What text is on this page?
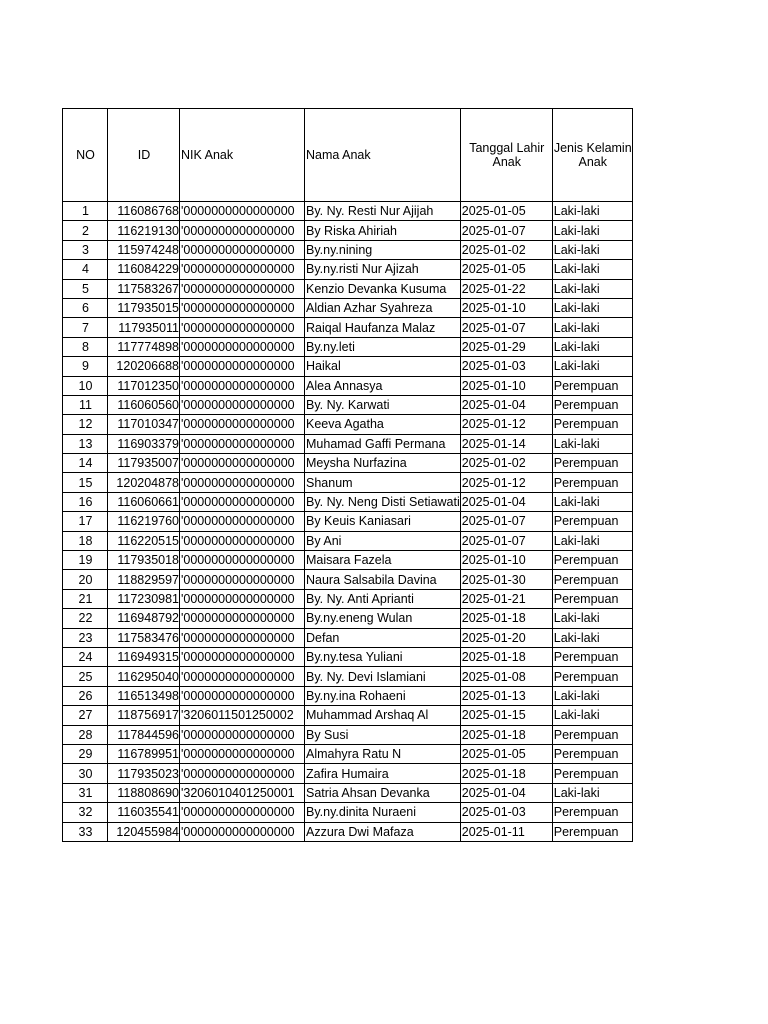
NO	ID	NIK Anak	Nama Anak	Tanggal Lahir Anak	Jenis Kelamin Anak
1	116086768	'0000000000000000	By. Ny. Resti Nur Ajijah	2025-01-05	Laki-laki
2	116219130	'0000000000000000	By Riska Ahiriah	2025-01-07	Laki-laki
3	115974248	'0000000000000000	By.ny.nining	2025-01-02	Laki-laki
4	116084229	'0000000000000000	By.ny.risti Nur Ajizah	2025-01-05	Laki-laki
5	117583267	'0000000000000000	Kenzio Devanka Kusuma	2025-01-22	Laki-laki
6	117935015	'0000000000000000	Aldian Azhar Syahreza	2025-01-10	Laki-laki
7	117935011	'0000000000000000	Raiqal Haufanza Malaz	2025-01-07	Laki-laki
8	117774898	'0000000000000000	By.ny.leti	2025-01-29	Laki-laki
9	120206688	'0000000000000000	Haikal	2025-01-03	Laki-laki
10	117012350	'0000000000000000	Alea Annasya	2025-01-10	Perempuan
11	116060560	'0000000000000000	By. Ny. Karwati	2025-01-04	Perempuan
12	117010347	'0000000000000000	Keeva Agatha	2025-01-12	Perempuan
13	116903379	'0000000000000000	Muhamad Gaffi Permana	2025-01-14	Laki-laki
14	117935007	'0000000000000000	Meysha Nurfazina	2025-01-02	Perempuan
15	120204878	'0000000000000000	Shanum	2025-01-12	Perempuan
16	116060661	'0000000000000000	By. Ny. Neng Disti Setiawati	2025-01-04	Laki-laki
17	116219760	'0000000000000000	By Keuis Kaniasari	2025-01-07	Perempuan
18	116220515	'0000000000000000	By Ani	2025-01-07	Laki-laki
19	117935018	'0000000000000000	Maisara Fazela	2025-01-10	Perempuan
20	118829597	'0000000000000000	Naura Salsabila Davina	2025-01-30	Perempuan
21	117230981	'0000000000000000	By. Ny. Anti Aprianti	2025-01-21	Perempuan
22	116948792	'0000000000000000	By.ny.eneng Wulan	2025-01-18	Laki-laki
23	117583476	'0000000000000000	Defan	2025-01-20	Laki-laki
24	116949315	'0000000000000000	By.ny.tesa Yuliani	2025-01-18	Perempuan
25	116295040	'0000000000000000	By. Ny. Devi Islamiani	2025-01-08	Perempuan
26	116513498	'0000000000000000	By.ny.ina Rohaeni	2025-01-13	Laki-laki
27	118756917	'3206011501250002	Muhammad Arshaq Al	2025-01-15	Laki-laki
28	117844596	'0000000000000000	By Susi	2025-01-18	Perempuan
29	116789951	'0000000000000000	Almahyra Ratu N	2025-01-05	Perempuan
30	117935023	'0000000000000000	Zafira Humaira	2025-01-18	Perempuan
31	118808690	'3206010401250001	Satria Ahsan Devanka	2025-01-04	Laki-laki
32	116035541	'0000000000000000	By.ny.dinita Nuraeni	2025-01-03	Perempuan
33	120455984	'0000000000000000	Azzura Dwi Mafaza	2025-01-11	Perempuan
